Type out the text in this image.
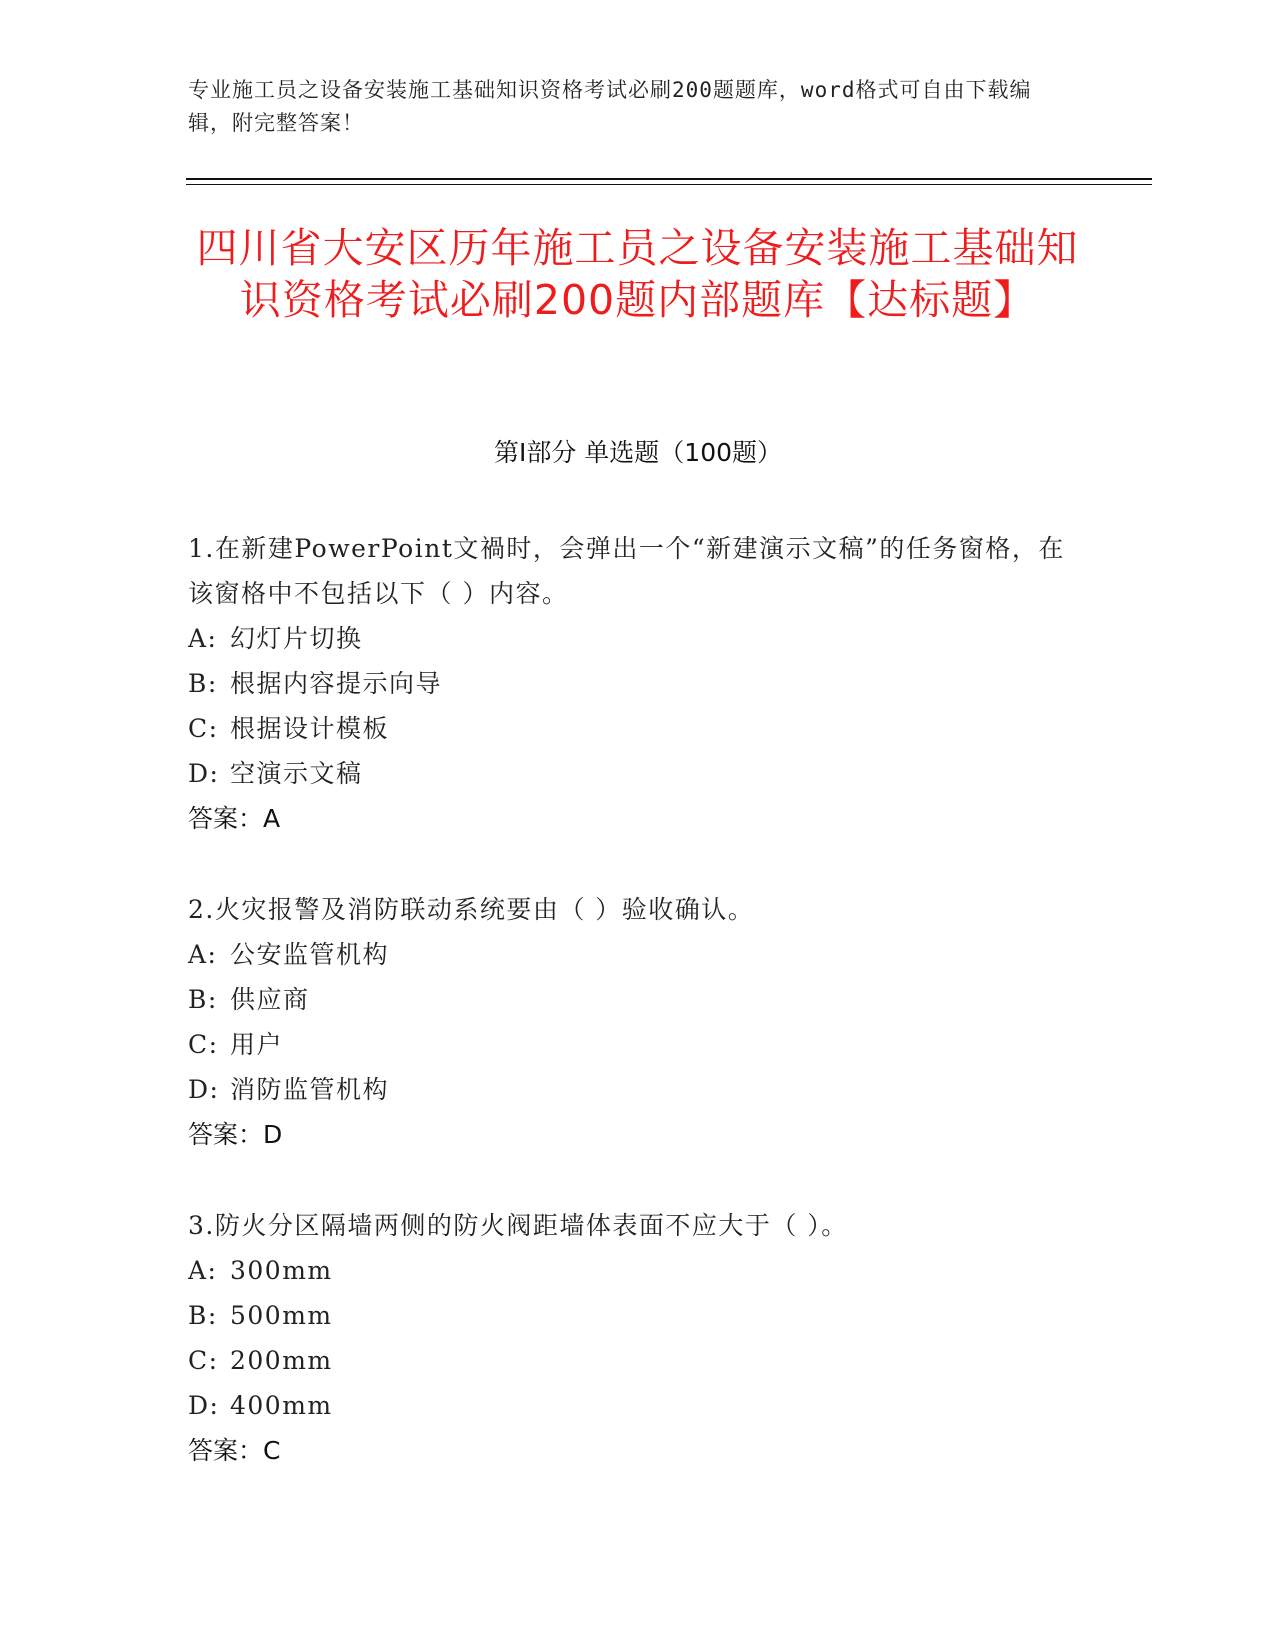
专业施工员之设备安装施工基础知识资格考试必刷200题题库，word格式可自由下载编辑，附完整答案！
四川省大安区历年施工员之设备安装施工基础知识资格考试必刷200题内部题库【达标题】
第I部分 单选题（100题）
1.在新建PowerPoint文禍时，会弹出一个“新建演示文稿”的任务窗格，在该窗格中不包括以下（ ）内容。
A: 幻灯片切换
B: 根据内容提示向导
C: 根据设计模板
D: 空演示文稿
答案：A
2.火灾报警及消防联动系统要由（ ）验收确认。
A: 公安监管机构
B: 供应商
C: 用户
D: 消防监管机构
答案：D
3.防火分区隔墙两侧的防火阀距墙体表面不应大于（ ）。
A: 300mm
B: 500mm
C: 200mm
D: 400mm
答案：C
